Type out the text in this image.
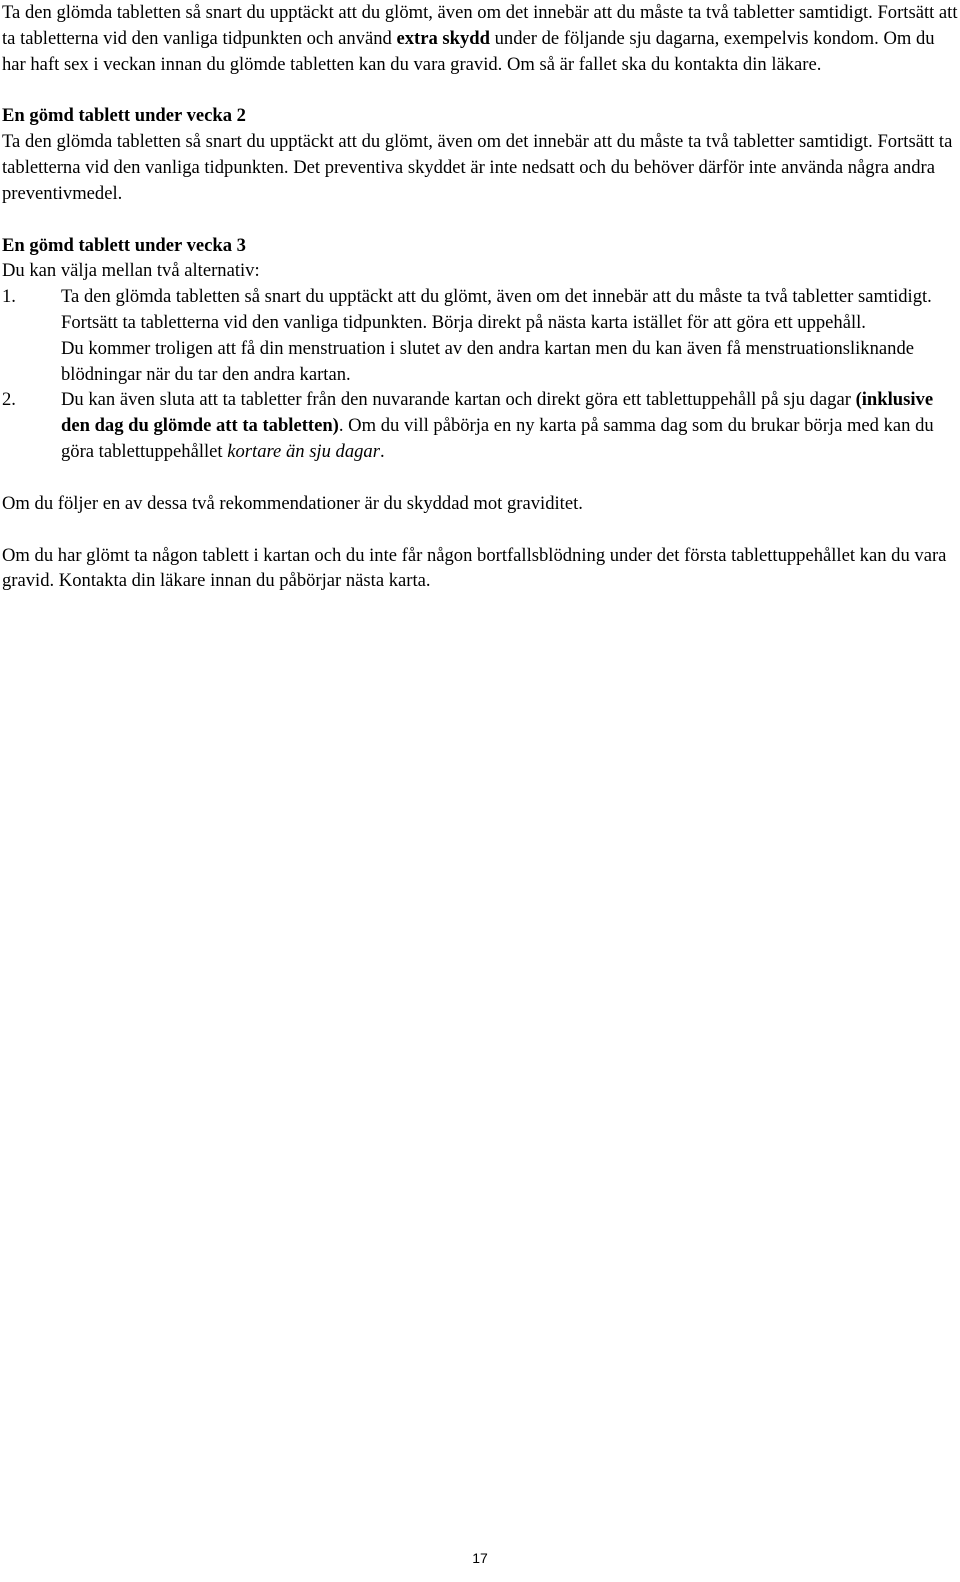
Ta den glömda tabletten så snart du upptäckt att du glömt, även om det innebär att du måste ta två tabletter samtidigt. Fortsätt att ta tabletterna vid den vanliga tidpunkten och använd extra skydd under de följande sju dagarna, exempelvis kondom. Om du har haft sex i veckan innan du glömde tabletten kan du vara gravid. Om så är fallet ska du kontakta din läkare.

En gömd tablett under vecka 2

Ta den glömda tabletten så snart du upptäckt att du glömt, även om det innebär att du måste ta två tabletter samtidigt. Fortsätt ta tabletterna vid den vanliga tidpunkten. Det preventiva skyddet är inte nedsatt och du behöver därför inte använda några andra preventivmedel.

En gömd tablett under vecka 3

Du kan välja mellan två alternativ:

1. Ta den glömda tabletten så snart du upptäckt att du glömt, även om det innebär att du måste ta två tabletter samtidigt. Fortsätt ta tabletterna vid den vanliga tidpunkten. Börja direkt på nästa karta istället för att göra ett uppehåll.

Du kommer troligen att få din menstruation i slutet av den andra kartan men du kan även få menstruationsliknande blödningar när du tar den andra kartan.

2. Du kan även sluta att ta tabletter från den nuvarande kartan och direkt göra ett tablettuppehåll på sju dagar (inklusive den dag du glömde att ta tabletten). Om du vill påbörja en ny karta på samma dag som du brukar börja med kan du göra tablettuppehållet kortare än sju dagar.

Om du följer en av dessa två rekommendationer är du skyddad mot graviditet.

Om du har glömt ta någon tablett i kartan och du inte får någon bortfallsblödning under det första tablettuppehållet kan du vara gravid. Kontakta din läkare innan du påbörjar nästa karta.

17
